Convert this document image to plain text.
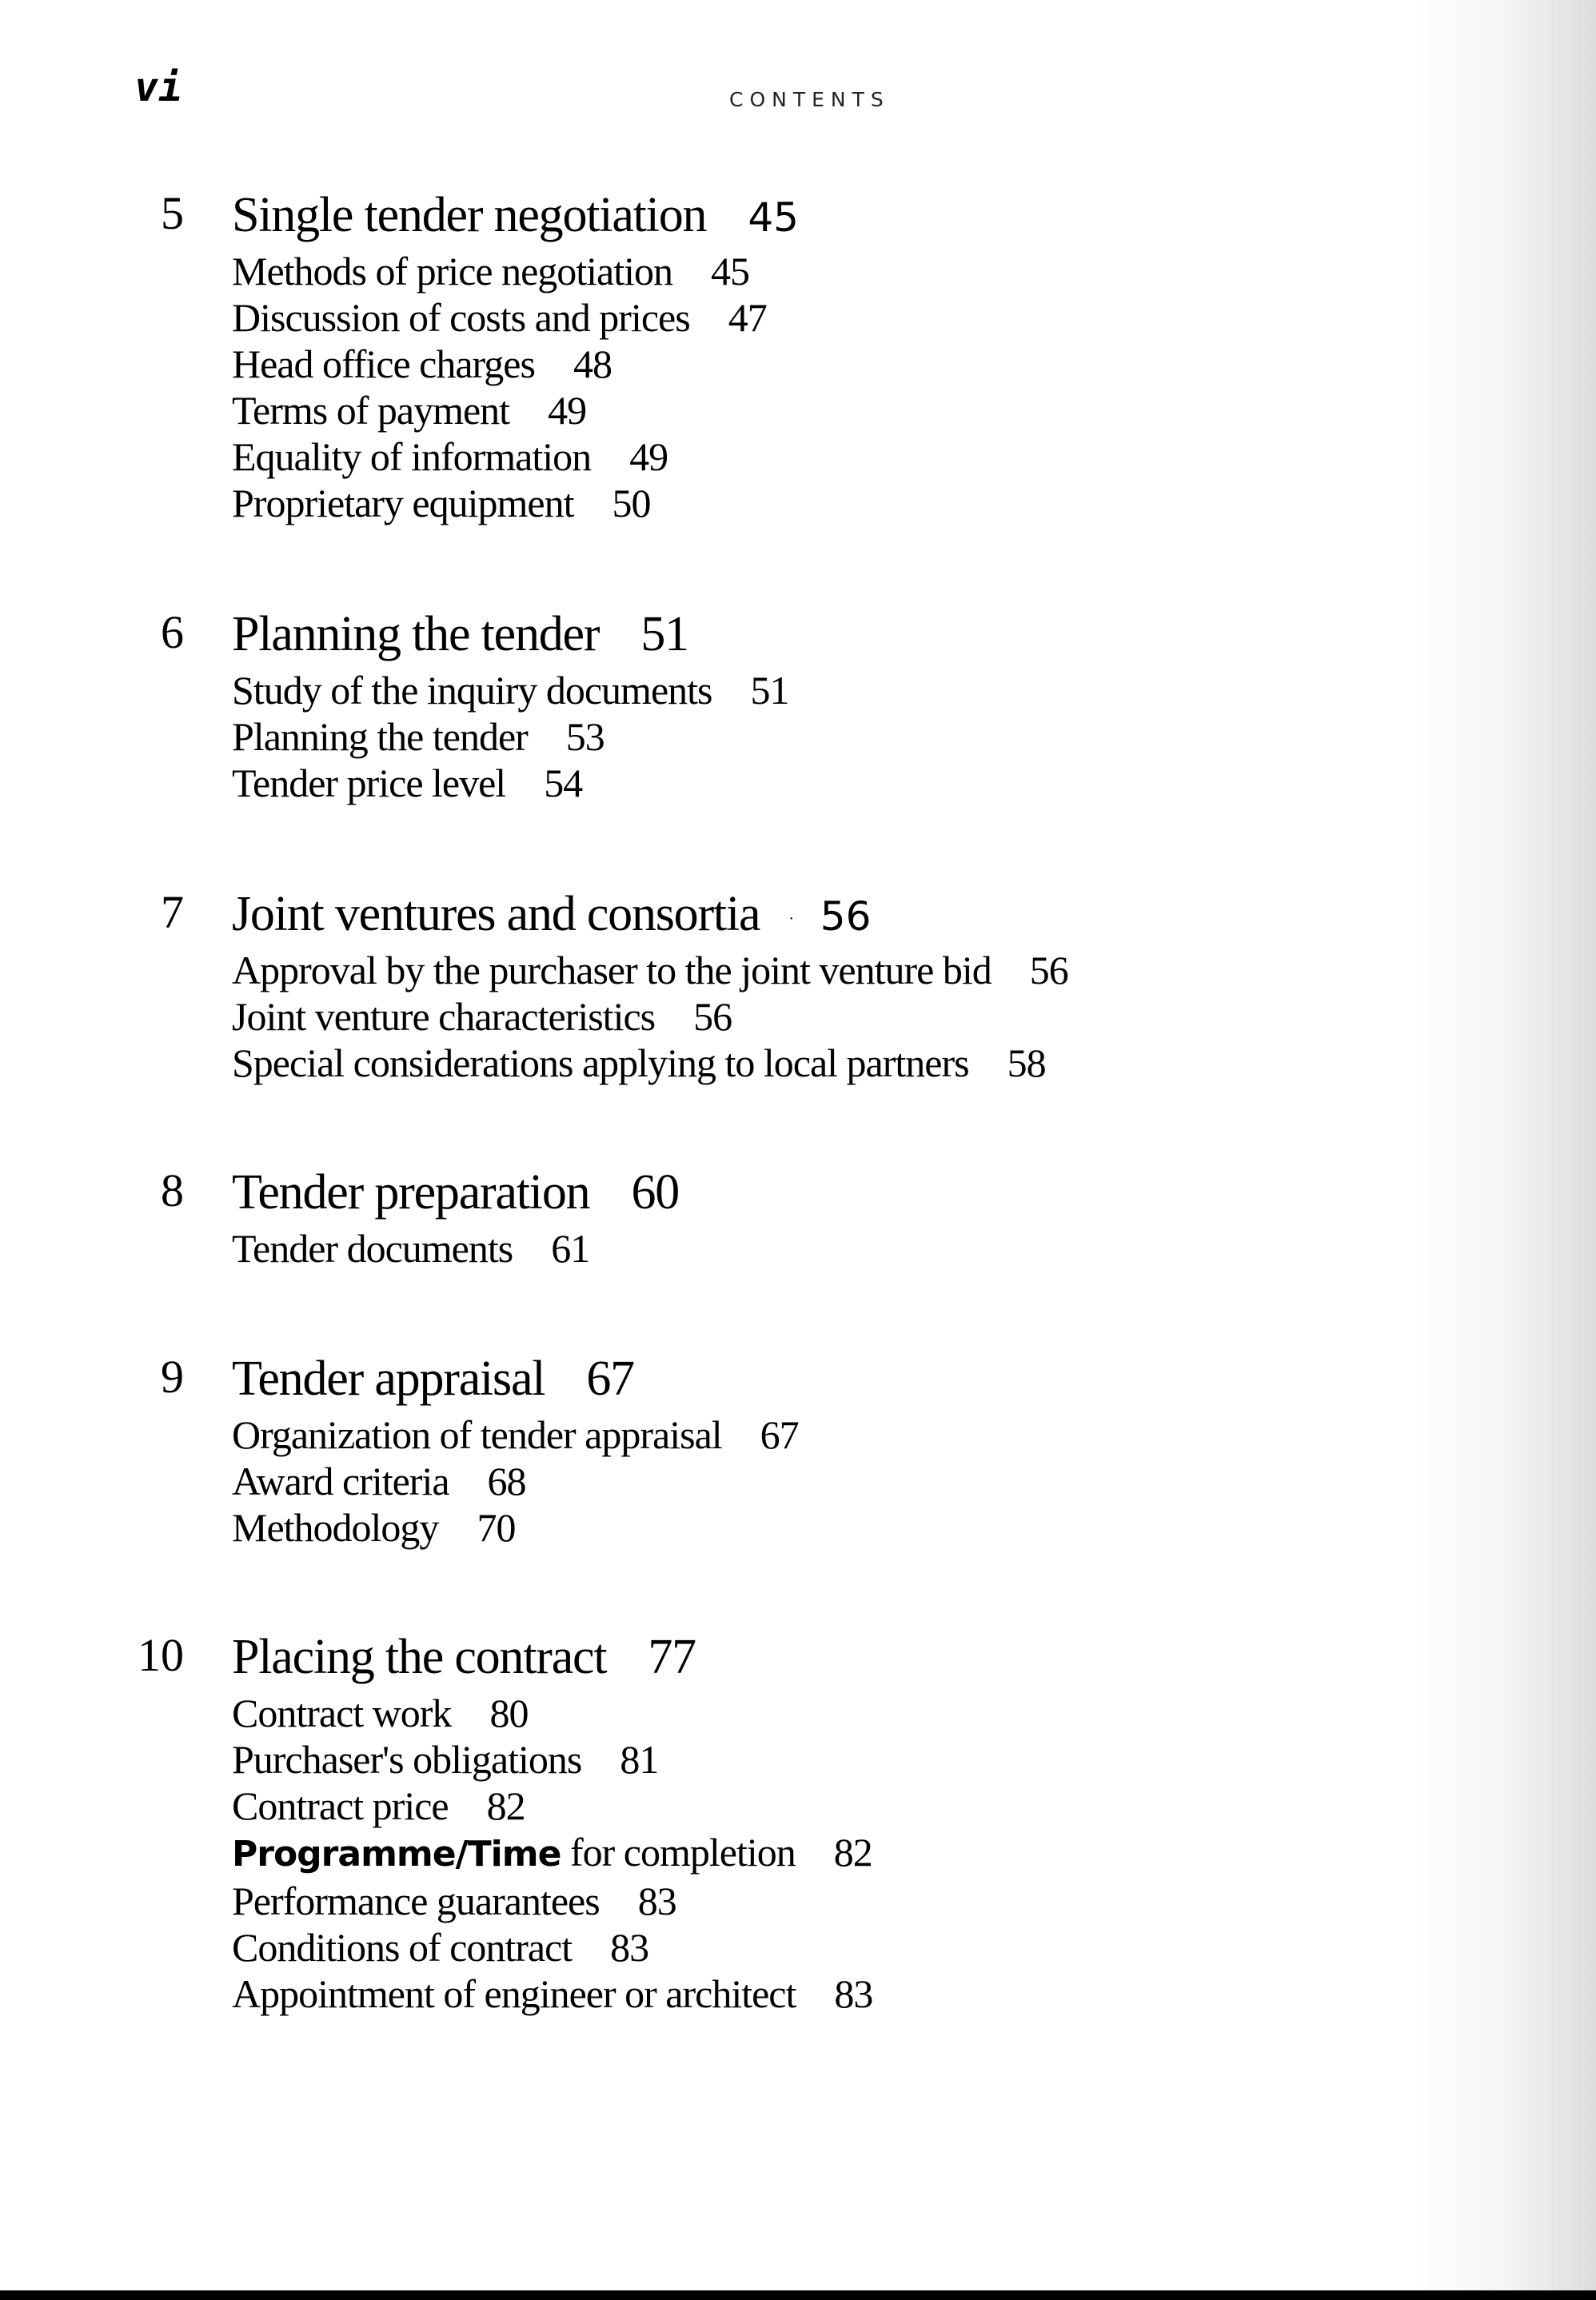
vi	CONTENTS
5 Single tender negotiation 45
Methods of price negotiation 45
Discussion of costs and prices 47
Head office charges 48
Terms of payment 49
Equality of information 49
Proprietary equipment 50
6 Planning the tender 51
Study of the inquiry documents 51
Planning the tender 53
Tender price level 54
7 Joint ventures and consortia · 56
Approval by the purchaser to the joint venture bid 56
Joint venture characteristics 56
Special considerations applying to local partners 58
8 Tender preparation 60
Tender documents 61
9 Tender appraisal 67
Organization of tender appraisal 67
Award criteria 68
Methodology 70
10 Placing the contract 77
Contract work 80
Purchaser's obligations 81
Contract price 82
Programme/Time for completion 82
Performance guarantees 83
Conditions of contract 83
Appointment of engineer or architect 83
